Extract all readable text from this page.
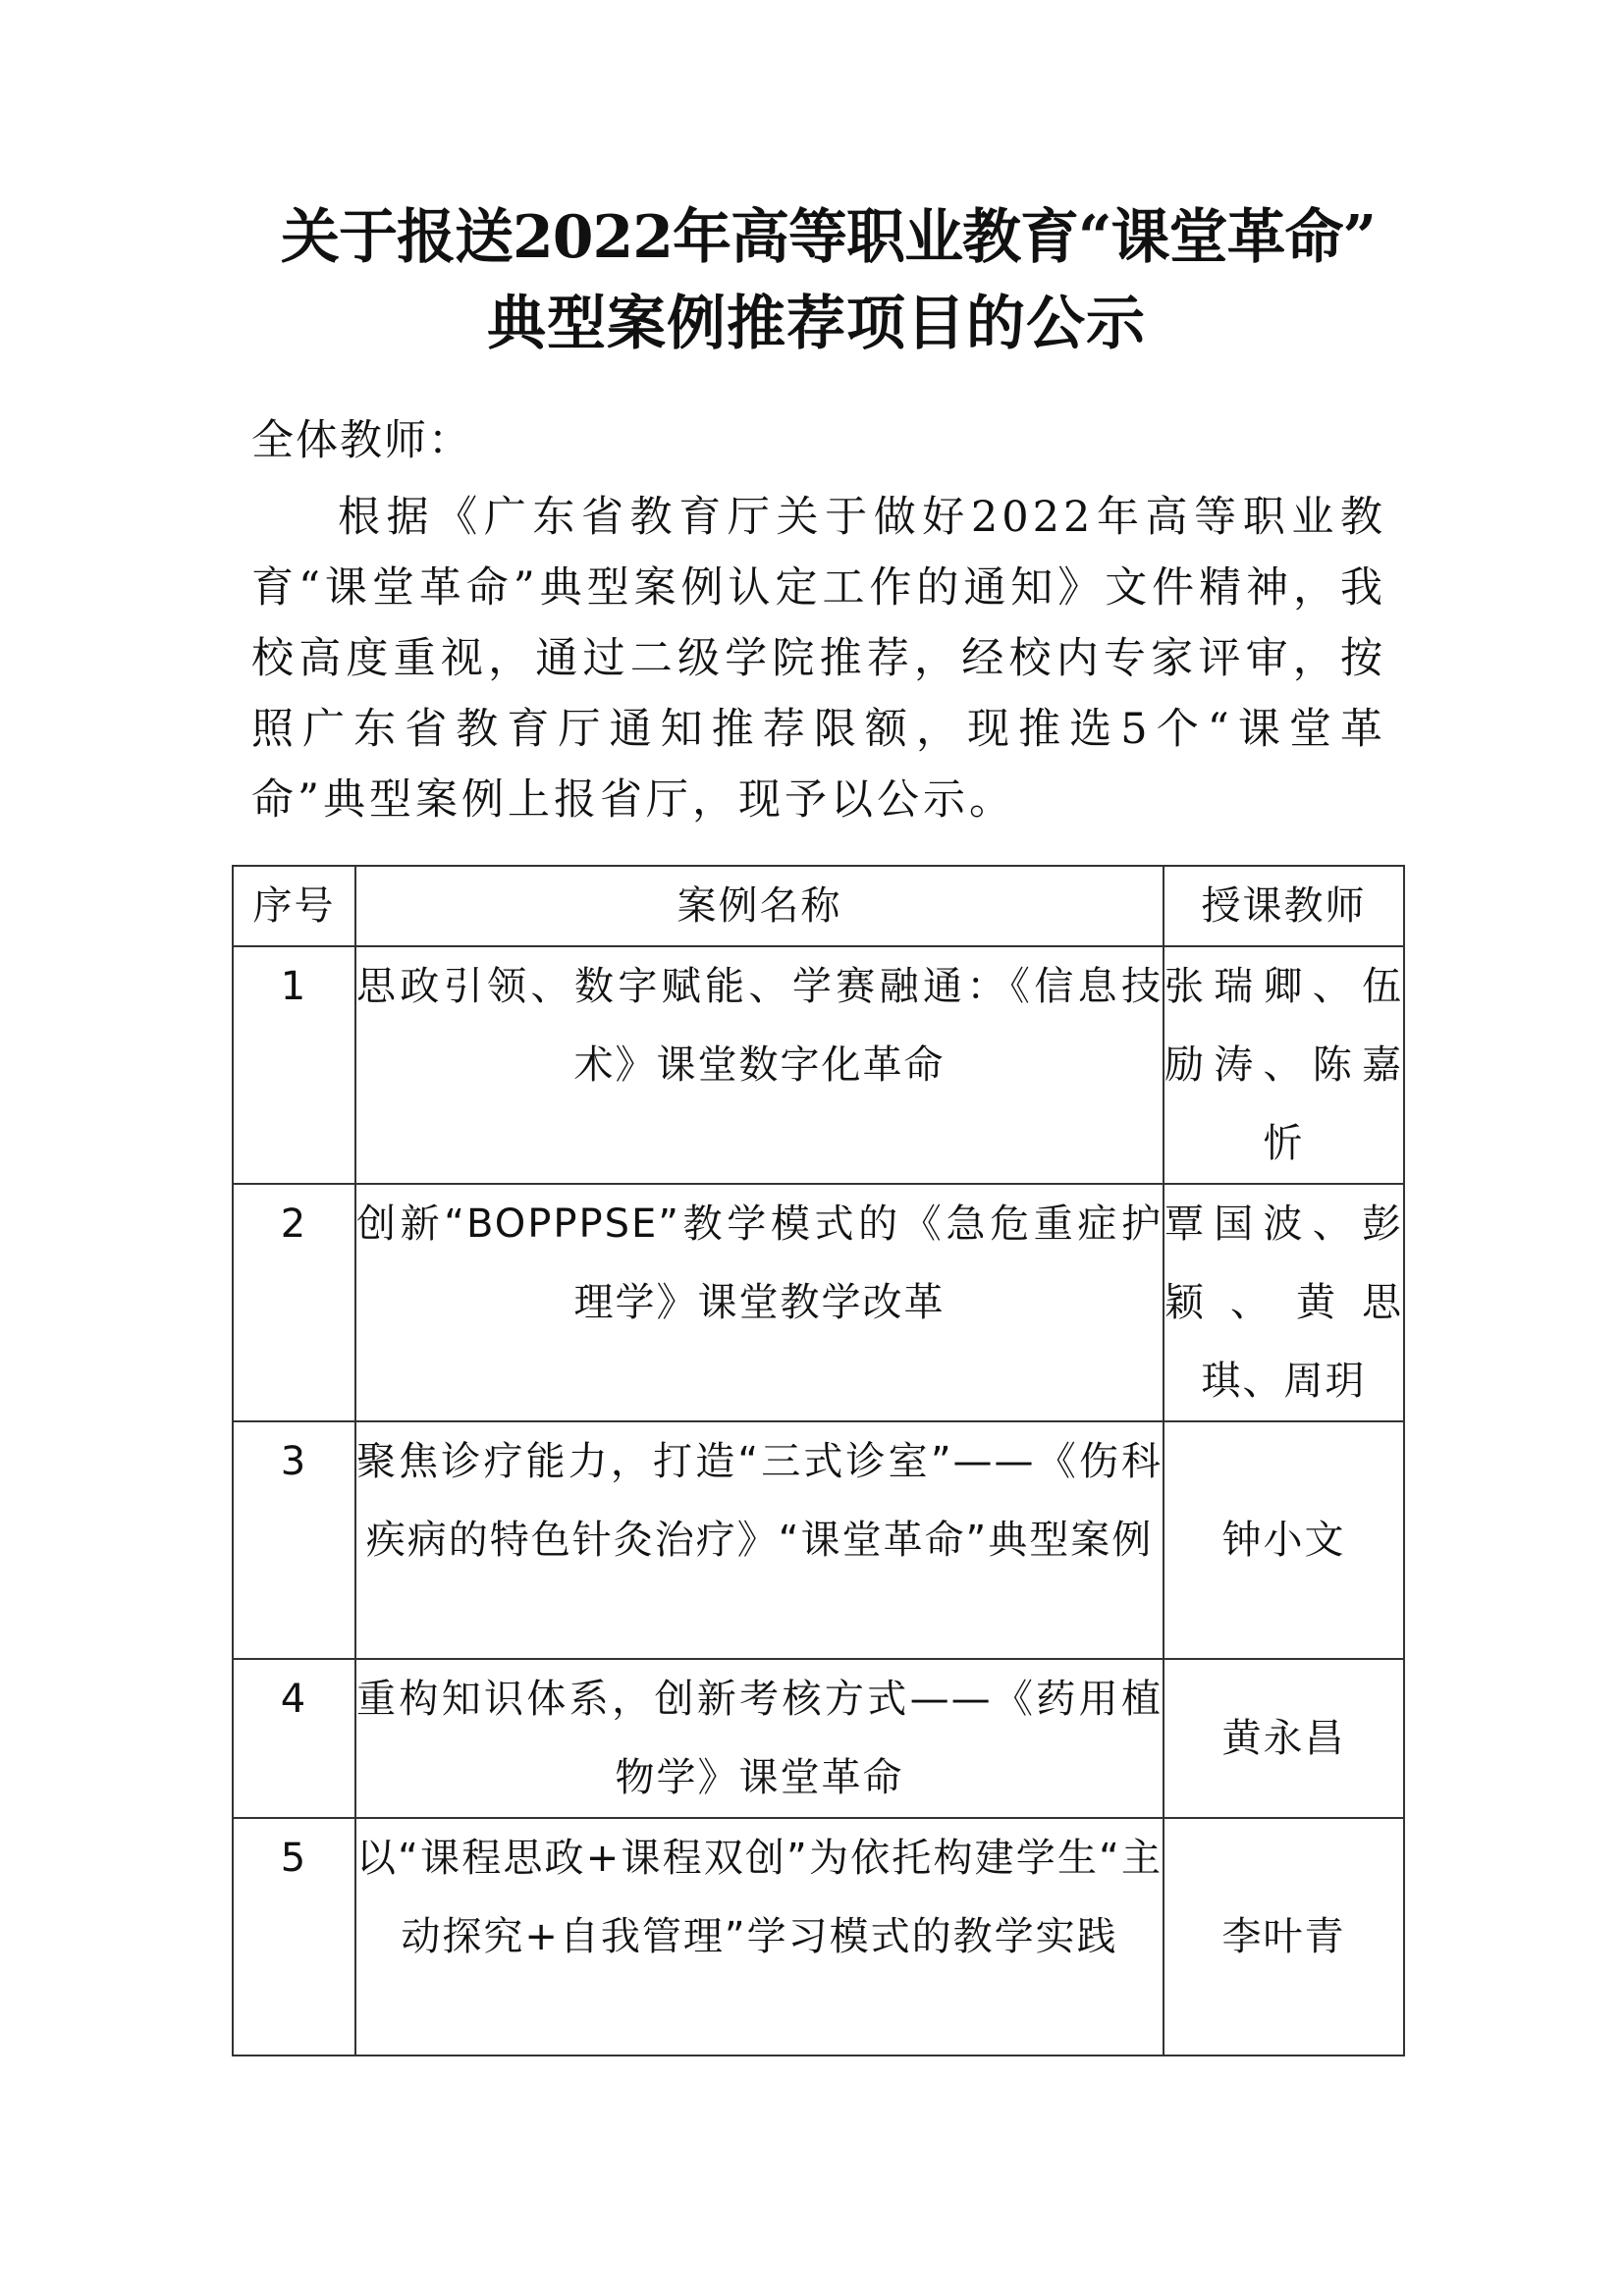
关于报送2022年高等职业教育“课堂革命”
典型案例推荐项目的公示
全体教师：
根据《广东省教育厅关于做好2022年高等职业教育“课堂革命”典型案例认定工作的通知》文件精神，我校高度重视，通过二级学院推荐，经校内专家评审，按照广东省教育厅通知推荐限额，现推选5个“课堂革命”典型案例上报省厅，现予以公示。
序号	案例名称	授课教师
1	思政引领、数字赋能、学赛融通：《信息技术》课堂数字化革命	张瑞卿、伍励涛、陈嘉忻
2	创新“BOPPPSE”教学模式的《急危重症护理学》课堂教学改革	覃国波、彭颖、黄思琪、周玥
3	聚焦诊疗能力，打造“三式诊室”——《伤科疾病的特色针灸治疗》“课堂革命”典型案例	钟小文
4	重构知识体系，创新考核方式——《药用植物学》课堂革命	黄永昌
5	以“课程思政+课程双创”为依托构建学生“主动探究+自我管理”学习模式的教学实践	李叶青
